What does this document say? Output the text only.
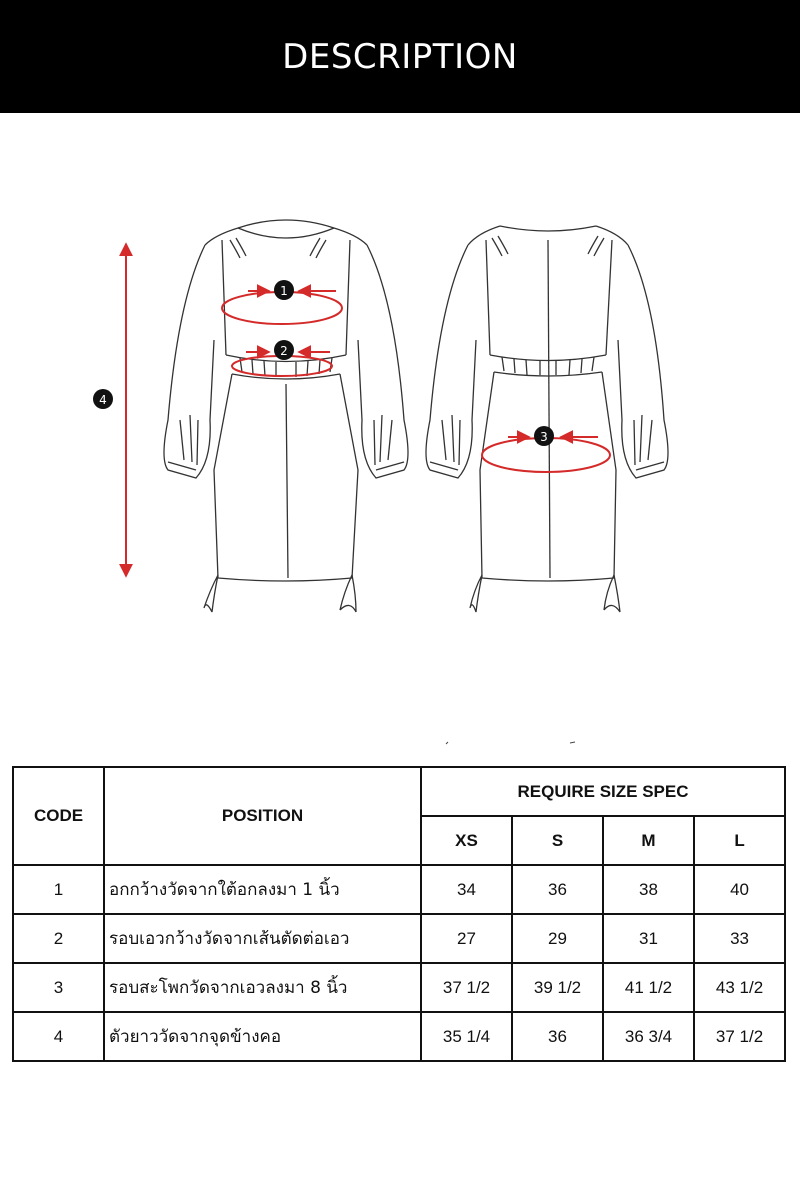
DESCRIPTION
4
1
2
3
CODE	POSITION	REQUIRE SIZE SPEC			
		XS	S	M	L
1	อกกว้างวัดจากใต้อกลงมา 1 นิ้ว	34	36	38	40
2	รอบเอวกว้างวัดจากเส้นตัดต่อเอว	27	29	31	33
3	รอบสะโพกวัดจากเอวลงมา 8 นิ้ว	37 1/2	39 1/2	41 1/2	43 1/2
4	ตัวยาววัดจากจุดข้างคอ	35 1/4	36	36 3/4	37 1/2
